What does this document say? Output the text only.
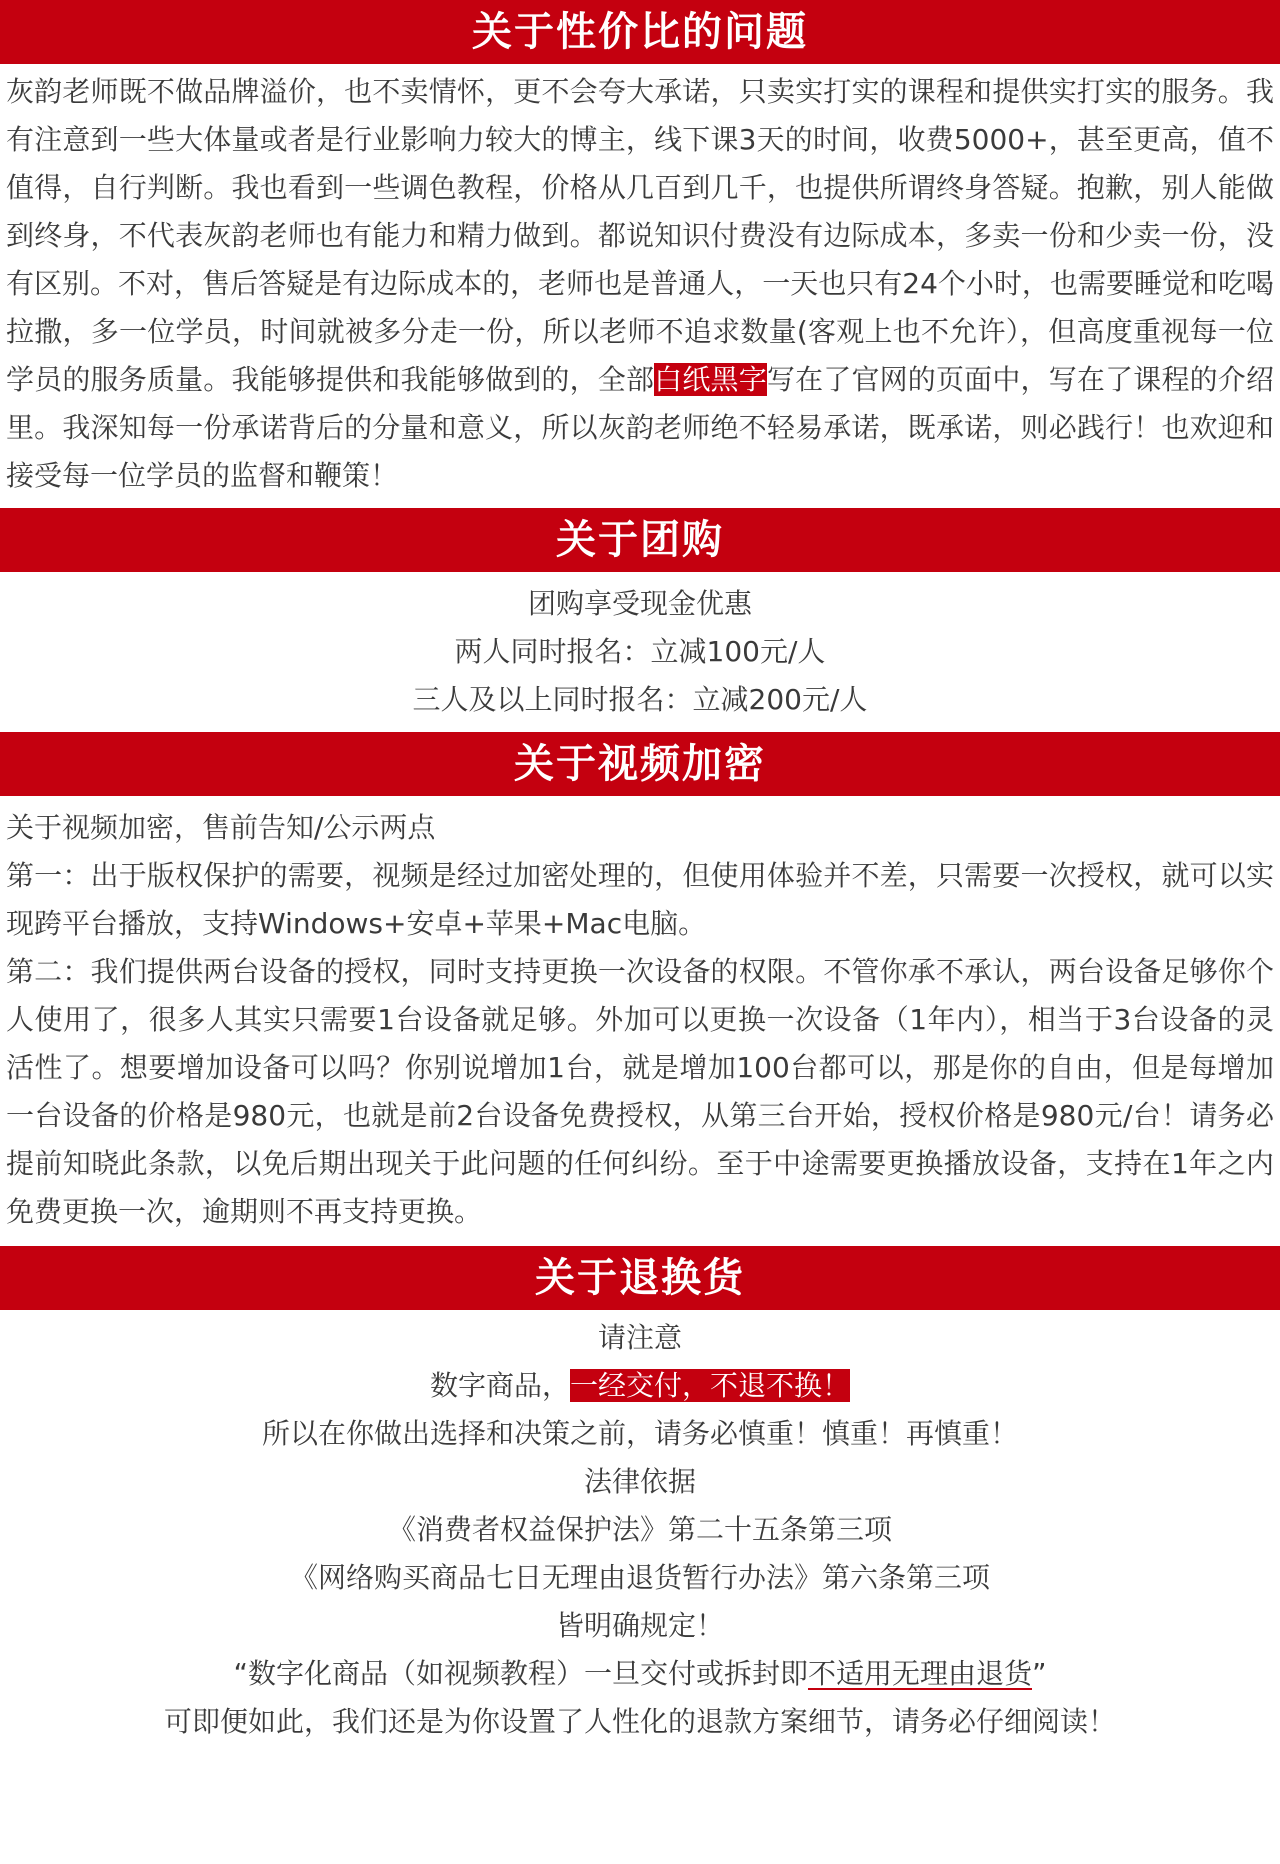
关于性价比的问题

灰韵老师既不做品牌溢价，也不卖情怀，更不会夸大承诺，只卖实打实的课程和提供实打实的服务。我有注意到一些大体量或者是行业影响力较大的博主，线下课3天的时间，收费5000+，甚至更高，值不值得，自行判断。我也看到一些调色教程，价格从几百到几千，也提供所谓终身答疑。抱歉，别人能做到终身，不代表灰韵老师也有能力和精力做到。都说知识付费没有边际成本，多卖一份和少卖一份，没有区别。不对，售后答疑是有边际成本的，老师也是普通人，一天也只有24个小时，也需要睡觉和吃喝拉撒，多一位学员，时间就被多分走一份，所以老师不追求数量(客观上也不允许），但高度重视每一位学员的服务质量。我能够提供和我能够做到的，全部白纸黑字写在了官网的页面中，写在了课程的介绍里。我深知每一份承诺背后的分量和意义，所以灰韵老师绝不轻易承诺，既承诺，则必践行！也欢迎和接受每一位学员的监督和鞭策！

关于团购
团购享受现金优惠
两人同时报名：立减100元/人
三人及以上同时报名：立减200元/人
关于视频加密
关于视频加密，售前告知/公示两点
第一：出于版权保护的需要，视频是经过加密处理的，但使用体验并不差，只需要一次授权，就可以实现跨平台播放，支持Windows+安卓+苹果+Mac电脑。
第二：我们提供两台设备的授权，同时支持更换一次设备的权限。不管你承不承认，两台设备足够你个人使用了，很多人其实只需要1台设备就足够。外加可以更换一次设备（1年内），相当于3台设备的灵活性了。想要增加设备可以吗？你别说增加1台，就是增加100台都可以，那是你的自由，但是每增加一台设备的价格是980元，也就是前2台设备免费授权，从第三台开始，授权价格是980元/台！请务必提前知晓此条款，以免后期出现关于此问题的任何纠纷。至于中途需要更换播放设备，支持在1年之内免费更换一次，逾期则不再支持更换。
关于退换货
请注意
数字商品，一经交付，不退不换！
所以在你做出选择和决策之前，请务必慎重！慎重！再慎重！
法律依据
《消费者权益保护法》第二十五条第三项
《网络购买商品七日无理由退货暂行办法》第六条第三项
皆明确规定！
“数字化商品（如视频教程）一旦交付或拆封即不适用无理由退货”
可即便如此，我们还是为你设置了人性化的退款方案细节，请务必仔细阅读！
